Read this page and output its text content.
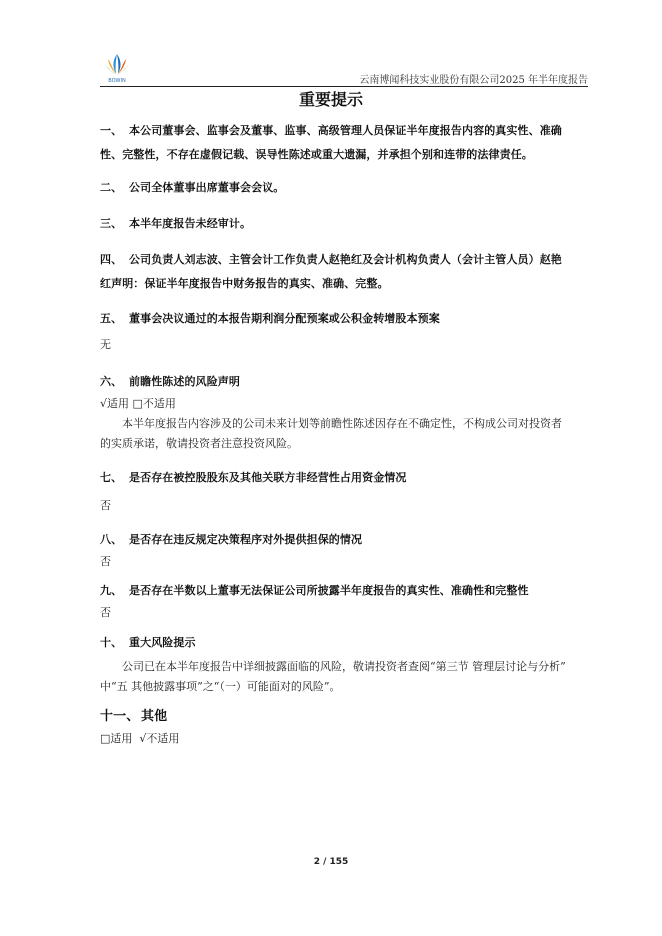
BOWIN	云南博闻科技实业股份有限公司2025 年半年度报告
重要提示
一、 本公司董事会、监事会及董事、监事、高级管理人员保证半年度报告内容的真实性、准确
性、完整性，不存在虚假记载、误导性陈述或重大遗漏，并承担个别和连带的法律责任。
二、 公司全体董事出席董事会会议。
三、 本半年度报告未经审计。
四、 公司负责人刘志波、主管会计工作负责人赵艳红及会计机构负责人（会计主管人员）赵艳
红声明：保证半年度报告中财务报告的真实、准确、完整。
五、 董事会决议通过的本报告期利润分配预案或公积金转增股本预案
无
六、 前瞻性陈述的风险声明
√适用 □不适用
本半年度报告内容涉及的公司未来计划等前瞻性陈述因存在不确定性，不构成公司对投资者
的实质承诺，敬请投资者注意投资风险。
七、 是否存在被控股股东及其他关联方非经营性占用资金情况
否
八、 是否存在违反规定决策程序对外提供担保的情况
否
九、 是否存在半数以上董事无法保证公司所披露半年度报告的真实性、准确性和完整性
否
十、 重大风险提示
公司已在本半年度报告中详细披露面临的风险，敬请投资者查阅“第三节 管理层讨论与分析”
中“五 其他披露事项”之“（一）可能面对的风险”。
十一、 其他
□适用 √不适用
2 / 155
